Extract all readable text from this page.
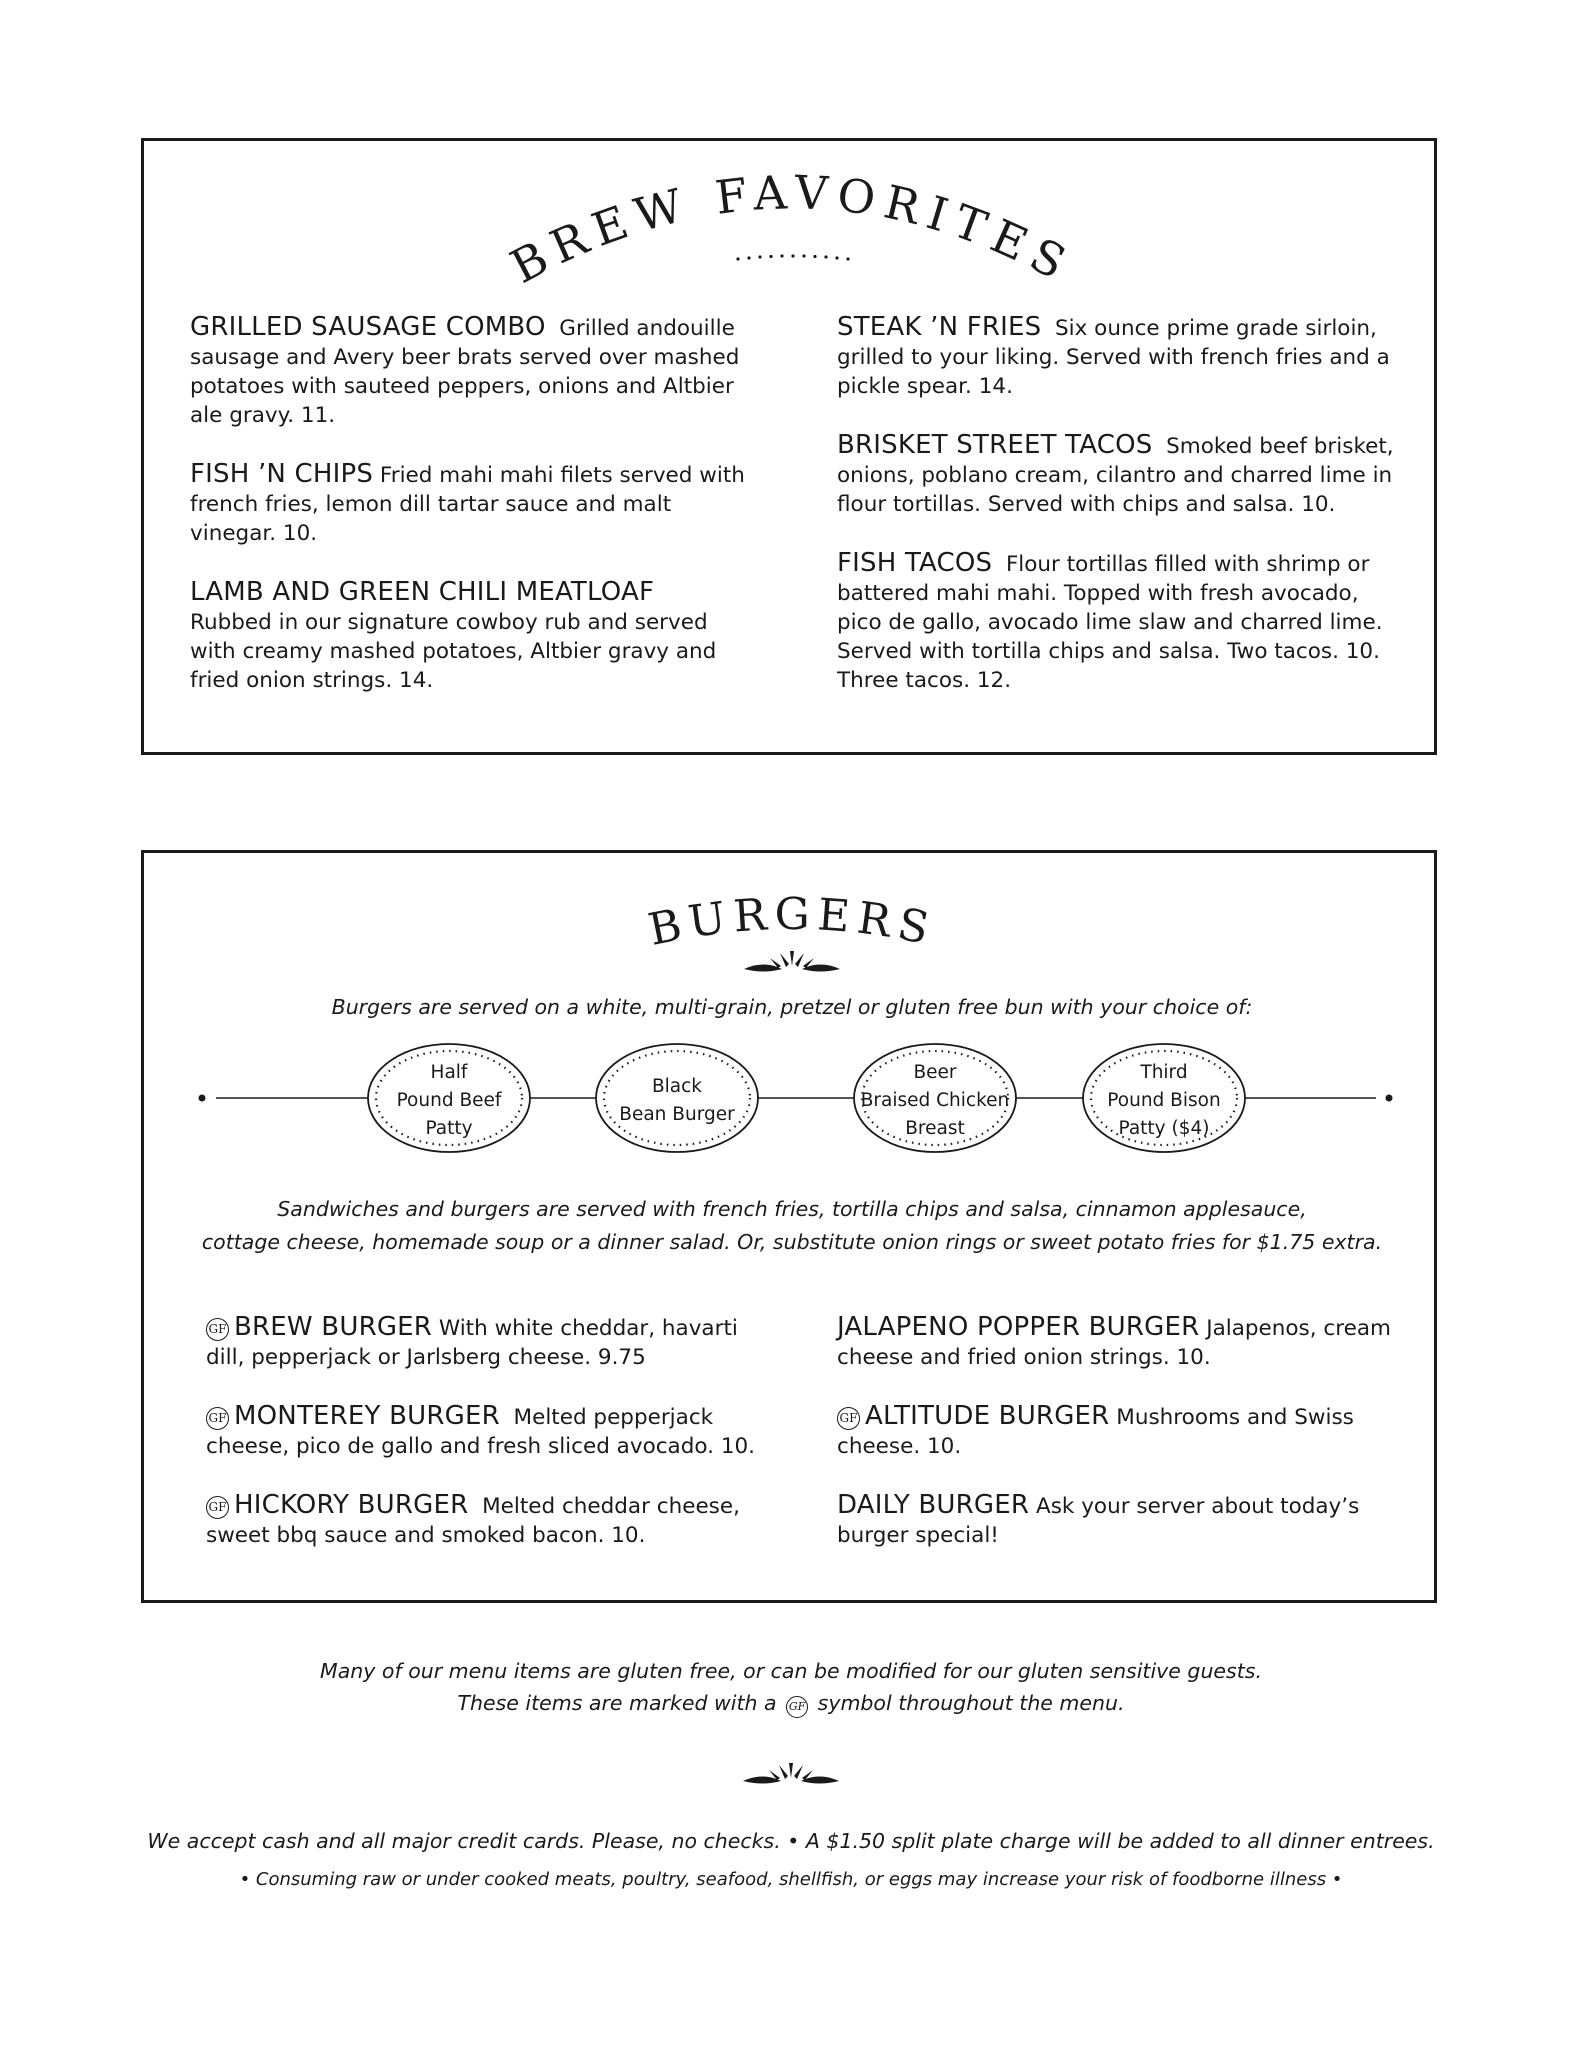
BREW FAVORITES
GRILLED SAUSAGE COMBO Grilled andouille sausage and Avery beer brats served over mashed potatoes with sauteed peppers, onions and Altbier ale gravy. 11.
FISH ’N CHIPS Fried mahi mahi filets served with french fries, lemon dill tartar sauce and malt vinegar. 10.
LAMB AND GREEN CHILI MEATLOAF
Rubbed in our signature cowboy rub and served with creamy mashed potatoes, Altbier gravy and fried onion strings. 14.
STEAK ’N FRIES Six ounce prime grade sirloin, grilled to your liking. Served with french fries and a pickle spear. 14.
BRISKET STREET TACOS Smoked beef brisket, onions, poblano cream, cilantro and charred lime in flour tortillas. Served with chips and salsa. 10.
FISH TACOS Flour tortillas filled with shrimp or battered mahi mahi. Topped with fresh avocado, pico de gallo, avocado lime slaw and charred lime. Served with tortilla chips and salsa. Two tacos. 10. Three tacos. 12.
BURGERS
Burgers are served on a white, multi-grain, pretzel or gluten free bun with your choice of:
Half
Pound Beef
Patty
Black
Bean Burger
Beer
Braised Chicken
Breast
Third
Pound Bison
Patty ($4)
Sandwiches and burgers are served with french fries, tortilla chips and salsa, cinnamon applesauce,
cottage cheese, homemade soup or a dinner salad. Or, substitute onion rings or sweet potato fries for $1.75 extra.
GF BREW BURGER With white cheddar, havarti dill, pepperjack or Jarlsberg cheese. 9.75
GF MONTEREY BURGER Melted pepperjack cheese, pico de gallo and fresh sliced avocado. 10.
GF HICKORY BURGER Melted cheddar cheese, sweet bbq sauce and smoked bacon. 10.
JALAPENO POPPER BURGER Jalapenos, cream cheese and fried onion strings. 10.
GF ALTITUDE BURGER Mushrooms and Swiss cheese. 10.
DAILY BURGER Ask your server about today’s burger special!
Many of our menu items are gluten free, or can be modified for our gluten sensitive guests.
These items are marked with a GF symbol throughout the menu.
We accept cash and all major credit cards. Please, no checks. • A $1.50 split plate charge will be added to all dinner entrees.
• Consuming raw or under cooked meats, poultry, seafood, shellfish, or eggs may increase your risk of foodborne illness •
